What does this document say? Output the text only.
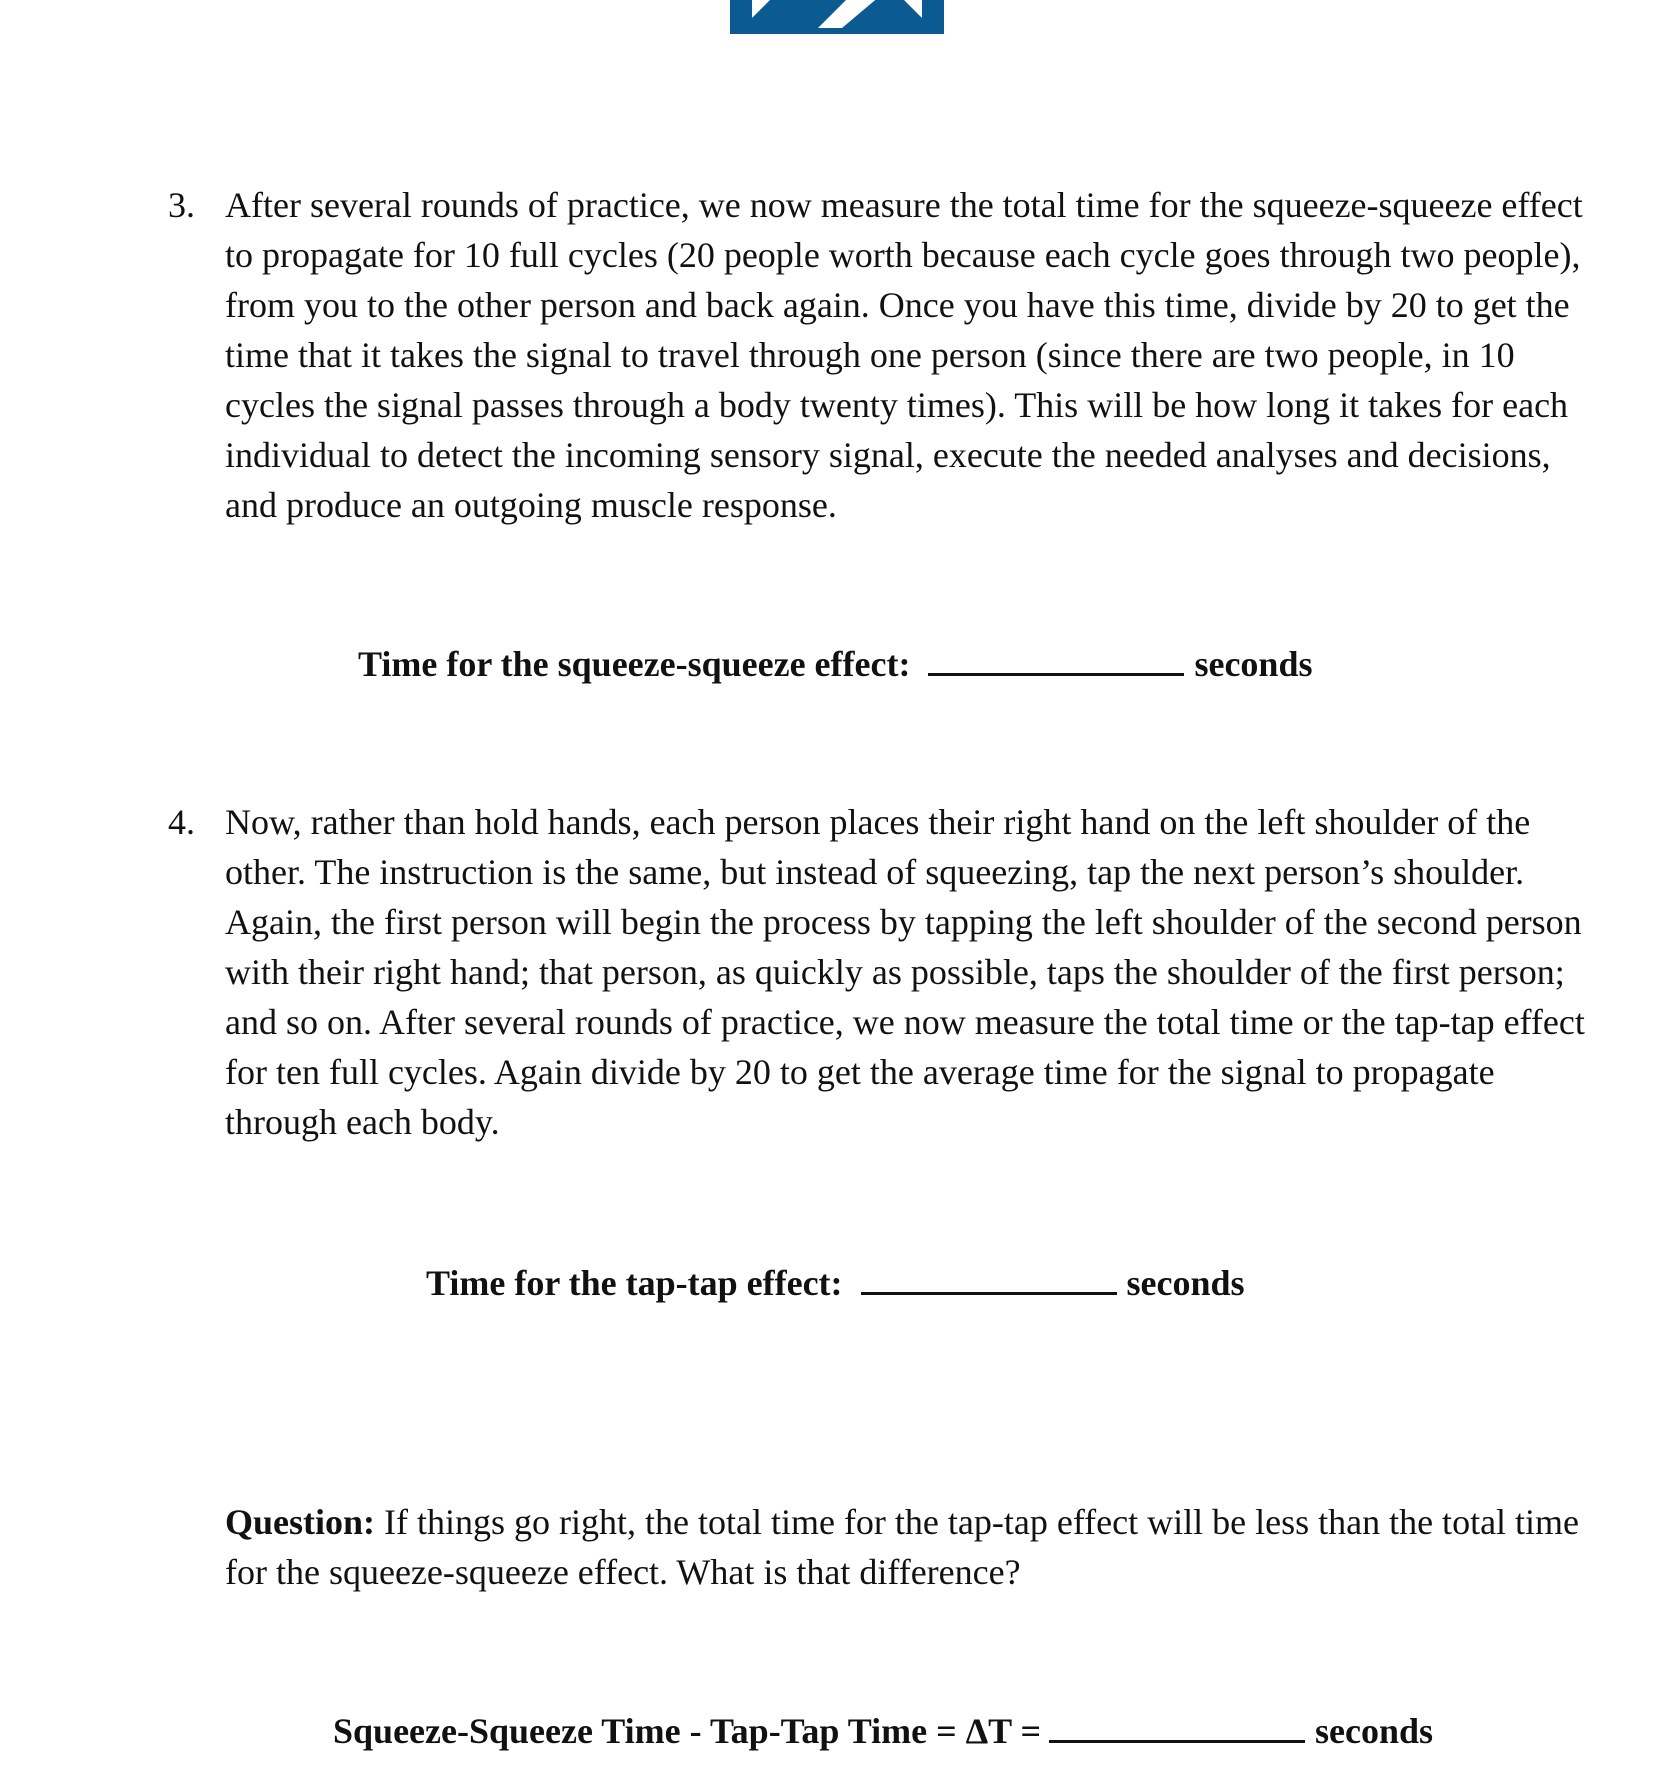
3. After several rounds of practice, we now measure the total time for the squeeze-squeeze effect to propagate for 10 full cycles (20 people worth because each cycle goes through two people), from you to the other person and back again. Once you have this time, divide by 20 to get the time that it takes the signal to travel through one person (since there are two people, in 10 cycles the signal passes through a body twenty times). This will be how long it takes for each individual to detect the incoming sensory signal, execute the needed analyses and decisions, and produce an outgoing muscle response.
Time for the squeeze-squeeze effect:	seconds
4. Now, rather than hold hands, each person places their right hand on the left shoulder of the other. The instruction is the same, but instead of squeezing, tap the next person’s shoulder. Again, the first person will begin the process by tapping the left shoulder of the second person with their right hand; that person, as quickly as possible, taps the shoulder of the first person; and so on. After several rounds of practice, we now measure the total time or the tap-tap effect for ten full cycles. Again divide by 20 to get the average time for the signal to propagate through each body.
Time for the tap-tap effect:	seconds
Question: If things go right, the total time for the tap-tap effect will be less than the total time for the squeeze-squeeze effect. What is that difference?
Squeeze-Squeeze Time - Tap-Tap Time = ΔT =	seconds
